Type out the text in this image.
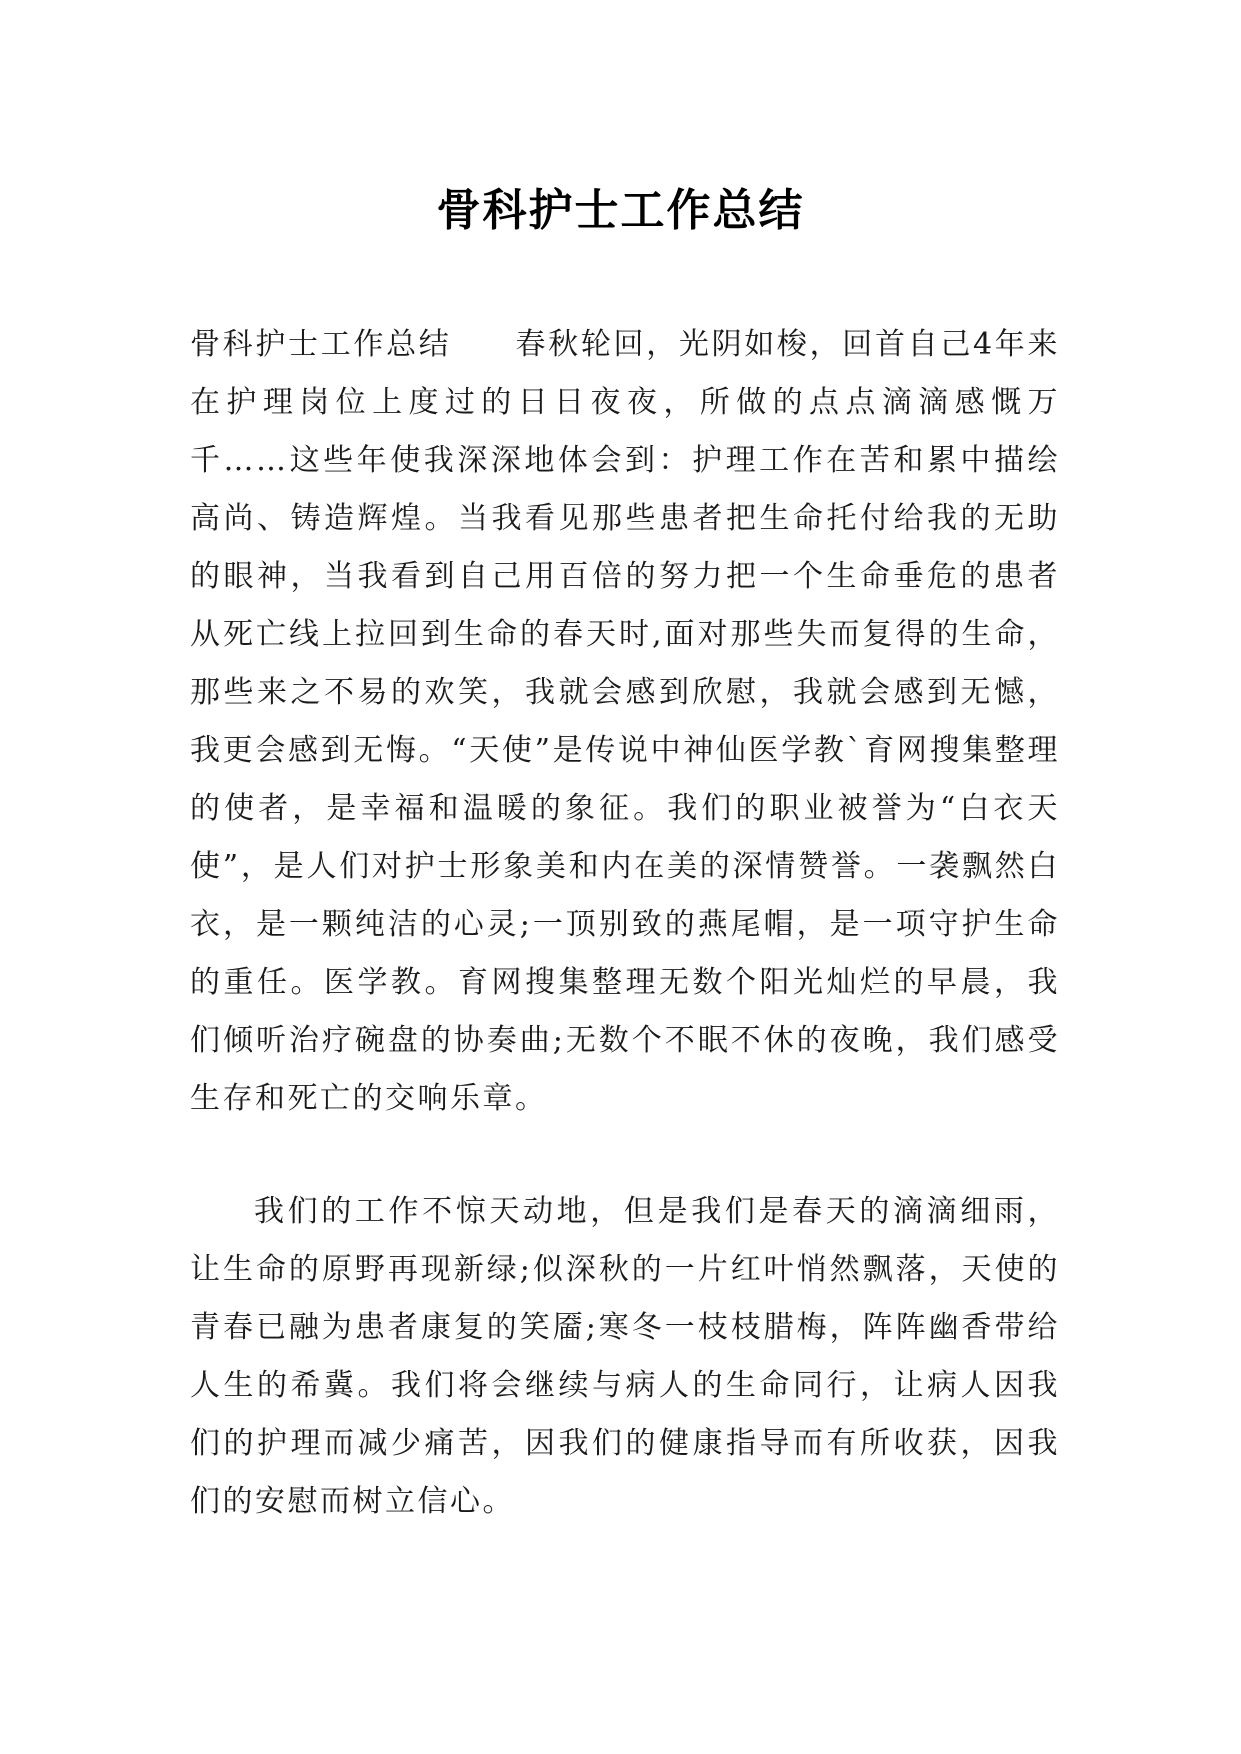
骨科护士工作总结

骨科护士工作总结 春秋轮回，光阴如梭，回首自己4年来在护理岗位上度过的日日夜夜，所做的点点滴滴感慨万千……这些年使我深深地体会到：护理工作在苦和累中描绘高尚、铸造辉煌。当我看见那些患者把生命托付给我的无助的眼神，当我看到自己用百倍的努力把一个生命垂危的患者从死亡线上拉回到生命的春天时,面对那些失而复得的生命，那些来之不易的欢笑，我就会感到欣慰，我就会感到无憾，我更会感到无悔。“天使”是传说中神仙医学教`育网搜集整理的使者，是幸福和温暖的象征。我们的职业被誉为“白衣天使”，是人们对护士形象美和内在美的深情赞誉。一袭飘然白衣，是一颗纯洁的心灵;一顶别致的燕尾帽，是一项守护生命的重任。医学教。育网搜集整理无数个阳光灿烂的早晨，我们倾听治疗碗盘的协奏曲;无数个不眠不休的夜晚，我们感受生存和死亡的交响乐章。

我们的工作不惊天动地，但是我们是春天的滴滴细雨，让生命的原野再现新绿;似深秋的一片红叶悄然飘落，天使的青春已融为患者康复的笑靥;寒冬一枝枝腊梅，阵阵幽香带给人生的希冀。我们将会继续与病人的生命同行，让病人因我们的护理而减少痛苦，因我们的健康指导而有所收获，因我们的安慰而树立信心。
